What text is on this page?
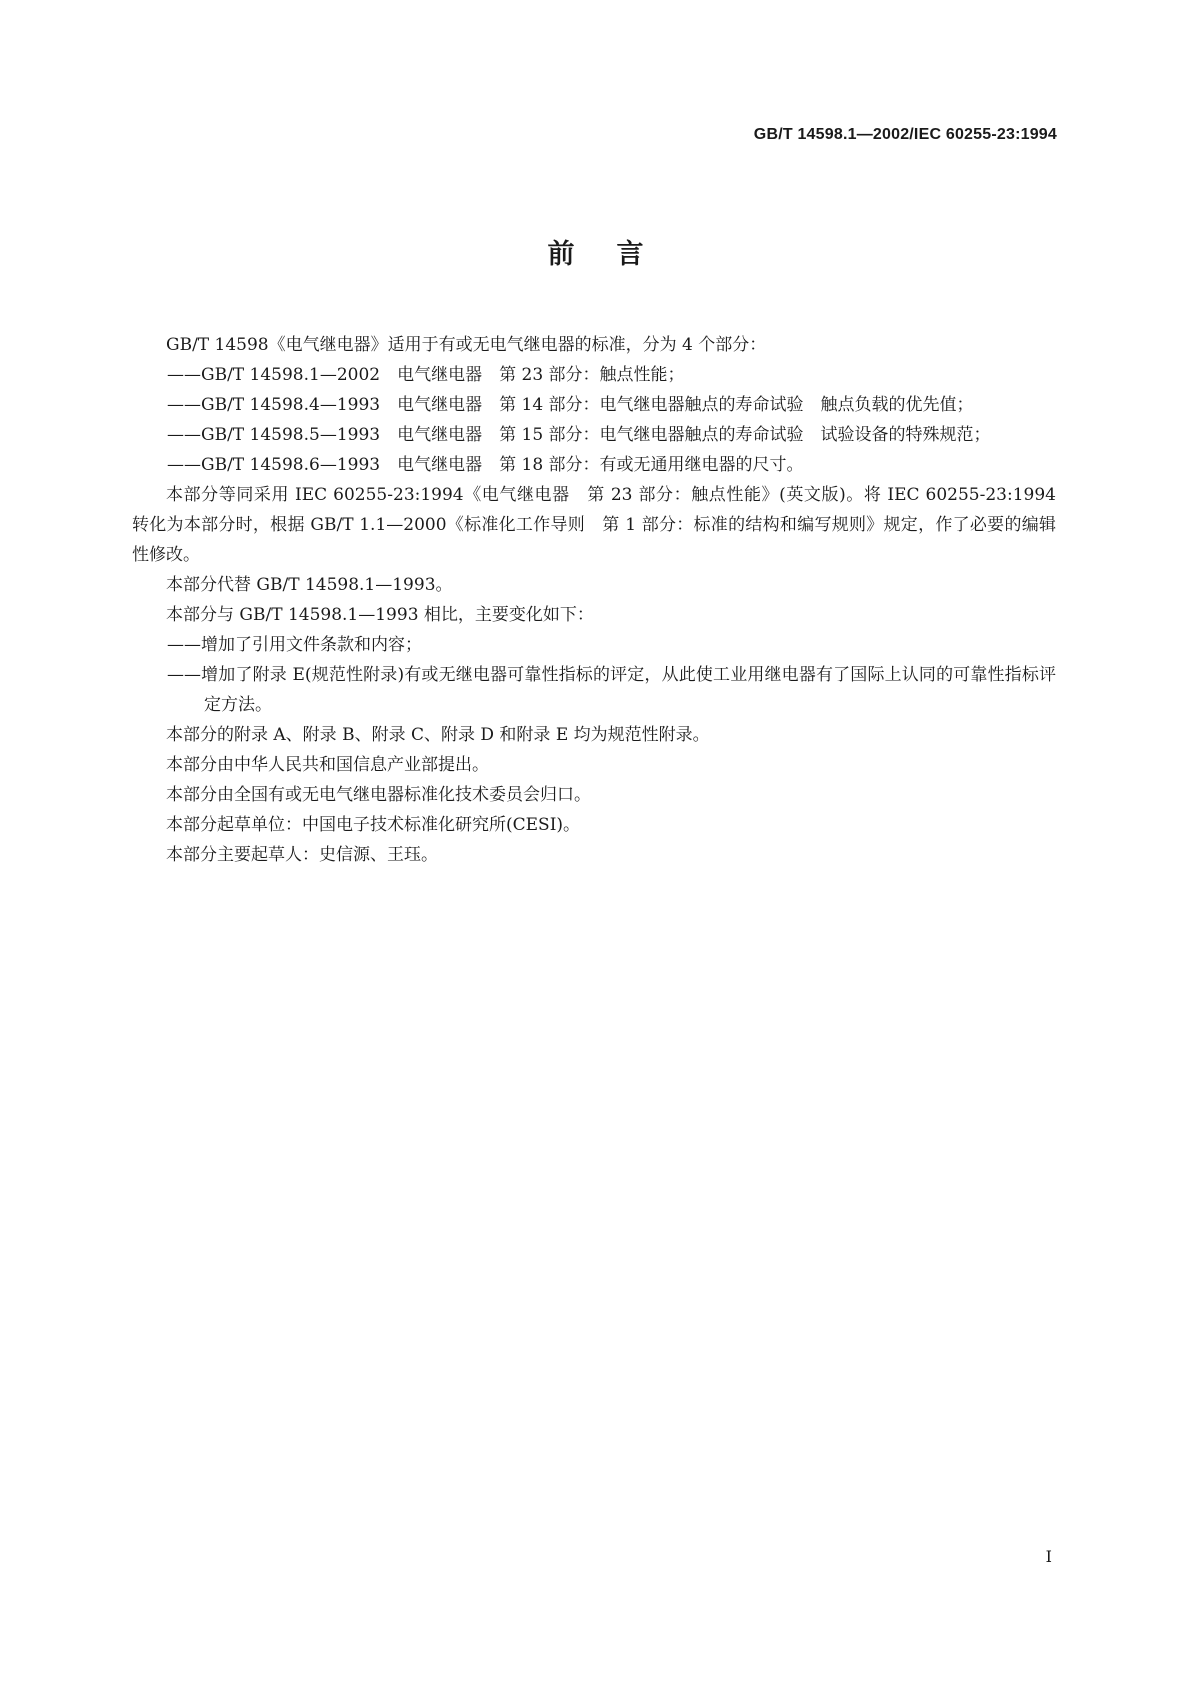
GB/T 14598.1—2002/IEC 60255-23:1994
前言

GB/T 14598《电气继电器》适用于有或无电气继电器的标准，分为 4 个部分：

——GB/T 14598.1—2002　电气继电器　第 23 部分：触点性能；

——GB/T 14598.4—1993　电气继电器　第 14 部分：电气继电器触点的寿命试验　触点负载的优先值；

——GB/T 14598.5—1993　电气继电器　第 15 部分：电气继电器触点的寿命试验　试验设备的特殊规范；

——GB/T 14598.6—1993　电气继电器　第 18 部分：有或无通用继电器的尺寸。

本部分等同采用 IEC 60255-23:1994《电气继电器　第 23 部分：触点性能》(英文版)。将 IEC 60255-23:1994 转化为本部分时，根据 GB/T 1.1—2000《标准化工作导则　第 1 部分：标准的结构和编写规则》规定，作了必要的编辑性修改。

本部分代替 GB/T 14598.1—1993。

本部分与 GB/T 14598.1—1993 相比，主要变化如下：

——增加了引用文件条款和内容；

——增加了附录 E(规范性附录)有或无继电器可靠性指标的评定，从此使工业用继电器有了国际上认同的可靠性指标评定方法。

本部分的附录 A、附录 B、附录 C、附录 D 和附录 E 均为规范性附录。

本部分由中华人民共和国信息产业部提出。

本部分由全国有或无电气继电器标准化技术委员会归口。

本部分起草单位：中国电子技术标准化研究所(CESI)。

本部分主要起草人：史信源、王珏。

I
